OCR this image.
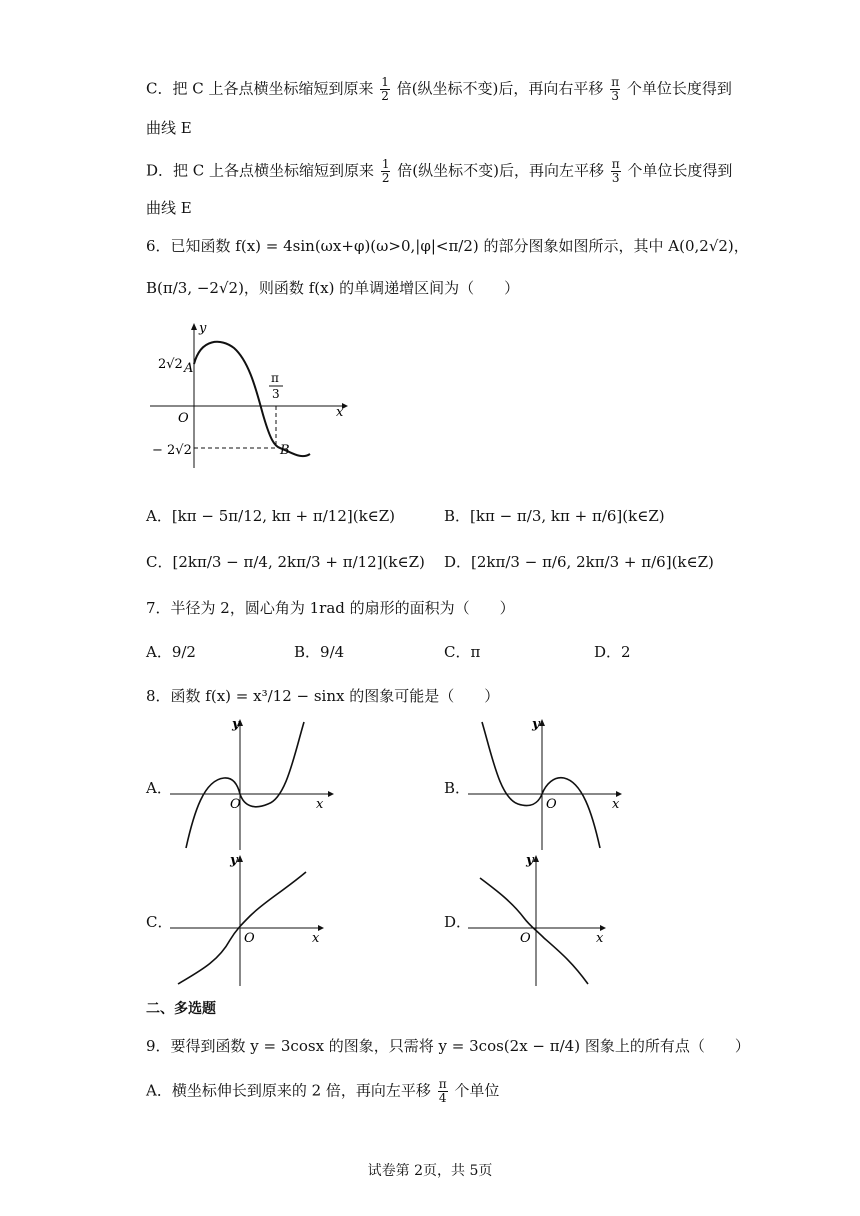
C．把 C 上各点横坐标缩短到原来 $\frac{1}{2}$ 倍(纵坐标不变)后，再向右平移 $\frac{\pi}{3}$ 个单位长度得到
曲线 E
D．把 C 上各点横坐标缩短到原来 $\frac{1}{2}$ 倍(纵坐标不变)后，再向左平移 $\frac{\pi}{3}$ 个单位长度得到
曲线 E
6．已知函数 f(x) = 4sin(ωx+φ)(ω>0,|φ|<π/2) 的部分图象如图所示，其中 A(0,2√2)，
B(π/3, −2√2)，则函数 f(x) 的单调递增区间为（　　）
y
x
O
2√2 A
− 2√2	B
π
3
A．[kπ − 5π/12, kπ + π/12](k∈Z)	B．[kπ − π/3, kπ + π/6](k∈Z)
C．[2kπ/3 − π/4, 2kπ/3 + π/12](k∈Z) D．[2kπ/3 − π/6, 2kπ/3 + π/6](k∈Z)
7．半径为 2，圆心角为 1rad 的扇形的面积为（　　）
A．9/2	B．9/4	C．π	D．2
8．函数 f(x) = x³/12 − sinx 的图象可能是（　　）
A．
y
x
O
B．
y
x
O
C．
y
x
O
D．
y
x
O
二、多选题
9．要得到函数 y = 3cosx 的图象，只需将 y = 3cos(2x − π/4) 图象上的所有点（　　）
A．横坐标伸长到原来的 2 倍，再向左平移 $\frac{\pi}{4}$ 个单位
试卷第 2页，共 5页
